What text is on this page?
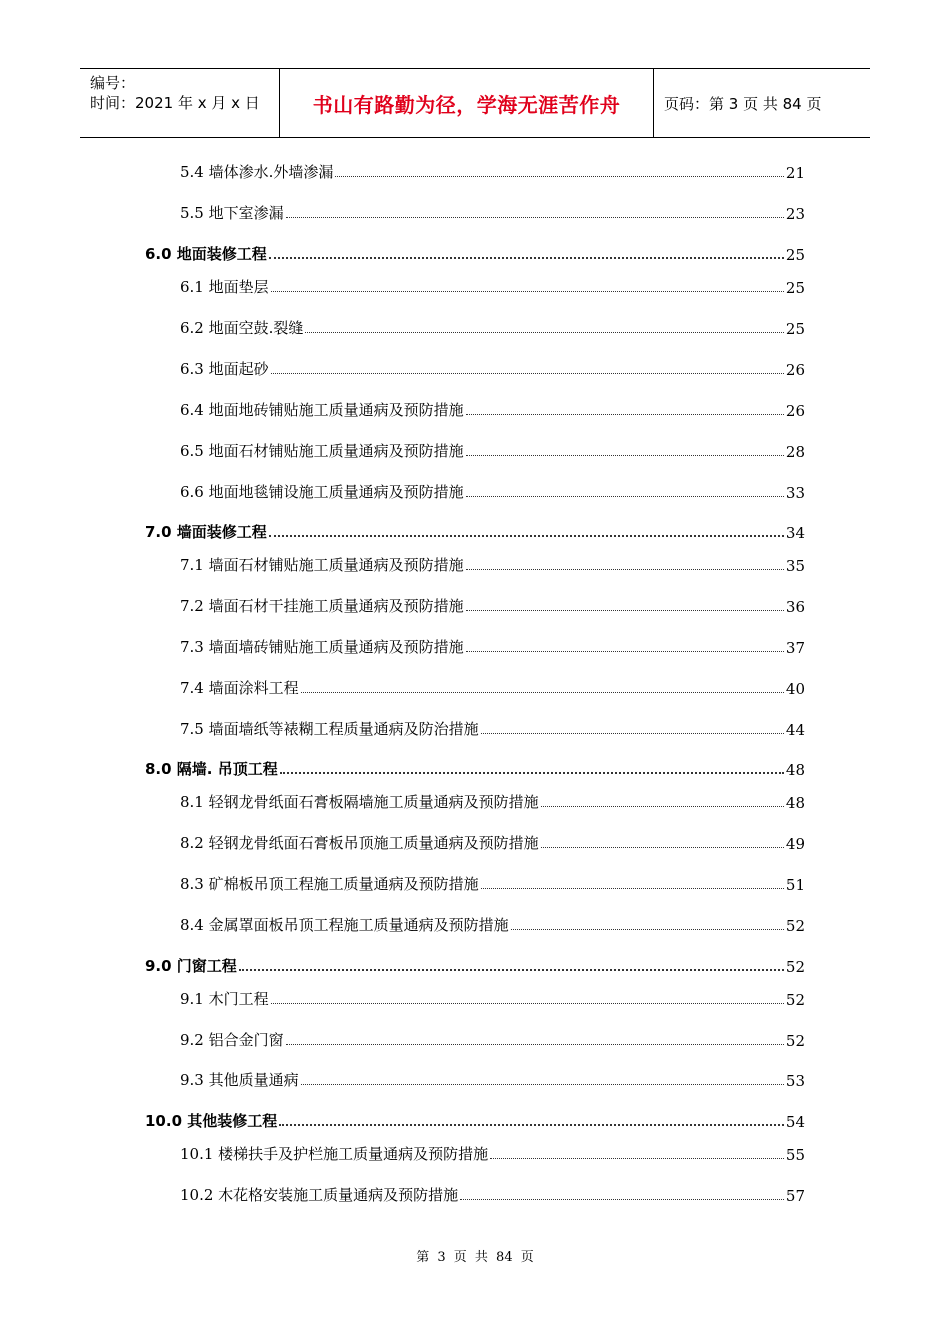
编号：
时间：2021 年 x 月 x 日	书山有路勤为径，学海无涯苦作舟	页码：第 3 页 共 84 页
5.4 墙体渗水.外墙渗漏	21
5.5 地下室渗漏	23
6.0 地面装修工程	25
6.1 地面垫层	25
6.2 地面空鼓.裂缝	25
6.3 地面起砂	26
6.4 地面地砖铺贴施工质量通病及预防措施	26
6.5 地面石材铺贴施工质量通病及预防措施	28
6.6 地面地毯铺设施工质量通病及预防措施	33
7.0 墙面装修工程	34
7.1 墙面石材铺贴施工质量通病及预防措施	35
7.2 墙面石材干挂施工质量通病及预防措施	36
7.3 墙面墙砖铺贴施工质量通病及预防措施	37
7.4 墙面涂料工程	40
7.5 墙面墙纸等裱糊工程质量通病及防治措施	44
8.0 隔墙. 吊顶工程	48
8.1 轻钢龙骨纸面石膏板隔墙施工质量通病及预防措施	48
8.2 轻钢龙骨纸面石膏板吊顶施工质量通病及预防措施	49
8.3 矿棉板吊顶工程施工质量通病及预防措施	51
8.4 金属罩面板吊顶工程施工质量通病及预防措施	52
9.0 门窗工程	52
9.1 木门工程	52
9.2 铝合金门窗	52
9.3 其他质量通病	53
10.0 其他装修工程	54
10.1 楼梯扶手及护栏施工质量通病及预防措施	55
10.2 木花格安装施工质量通病及预防措施	57
第 3 页 共 84 页
